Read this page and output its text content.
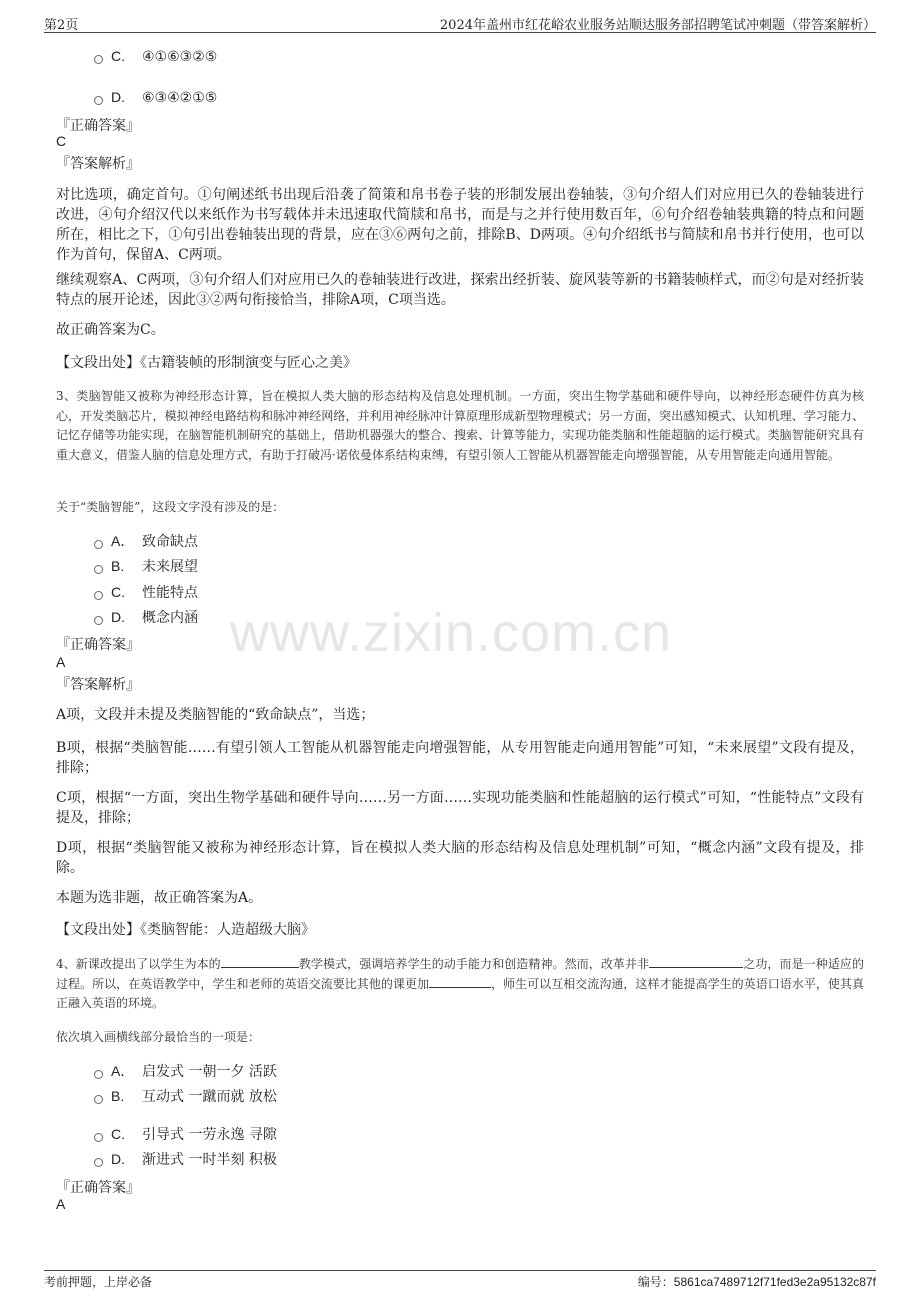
第2页	2024年盖州市红花峪农业服务站顺达服务部招聘笔试冲刺题（带答案解析）
www.zixin.com.cn
C. ④①⑥③②⑤
D. ⑥③④②①⑤
『正确答案』
C
『答案解析』
对比选项，确定首句。①句阐述纸书出现后沿袭了简策和帛书卷子装的形制发展出卷轴装，③句介绍人们对应用已久的卷轴装进行改进，④句介绍汉代以来纸作为书写载体并未迅速取代简牍和帛书，而是与之并行使用数百年，⑥句介绍卷轴装典籍的特点和问题所在，相比之下，①句引出卷轴装出现的背景，应在③⑥两句之前，排除B、D两项。④句介绍纸书与简牍和帛书并行使用，也可以作为首句，保留A、C两项。
继续观察A、C两项，③句介绍人们对应用已久的卷轴装进行改进，探索出经折装、旋风装等新的书籍装帧样式，而②句是对经折装特点的展开论述，因此③②两句衔接恰当，排除A项，C项当选。
故正确答案为C。
【文段出处】《古籍装帧的形制演变与匠心之美》
3、类脑智能又被称为神经形态计算，旨在模拟人类大脑的形态结构及信息处理机制。一方面，突出生物学基础和硬件导向，以神经形态硬件仿真为核心，开发类脑芯片，模拟神经电路结构和脉冲神经网络，并利用神经脉冲计算原理形成新型物理模式；另一方面，突出感知模式、认知机理、学习能力、记忆存储等功能实现，在脑智能机制研究的基础上，借助机器强大的整合、搜索、计算等能力，实现功能类脑和性能超脑的运行模式。类脑智能研究具有重大意义，借鉴人脑的信息处理方式，有助于打破冯·诺依曼体系结构束缚，有望引领人工智能从机器智能走向增强智能，从专用智能走向通用智能。
关于“类脑智能”，这段文字没有涉及的是：
A． 致命缺点
B. 未来展望
C. 性能特点
D. 概念内涵
『正确答案』
A
『答案解析』
A项，文段并未提及类脑智能的“致命缺点”，当选；
B项，根据“类脑智能……有望引领人工智能从机器智能走向增强智能，从专用智能走向通用智能”可知，“未来展望”文段有提及，排除；
C项，根据“一方面，突出生物学基础和硬件导向……另一方面……实现功能类脑和性能超脑的运行模式”可知，“性能特点”文段有提及，排除；
D项，根据“类脑智能又被称为神经形态计算，旨在模拟人类大脑的形态结构及信息处理机制”可知，“概念内涵”文段有提及，排除。
本题为选非题，故正确答案为A。
【文段出处】《类脑智能：人造超级大脑》
4、新课改提出了以学生为本的	教学模式，强调培养学生的动手能力和创造精神。然而，改革并非	之功，而是一种适应的过程。所以，在英语教学中，学生和老师的英语交流要比其他的课更加	，师生可以互相交流沟通，这样才能提高学生的英语口语水平，使其真正融入英语的环境。
依次填入画横线部分最恰当的一项是：
A． 启发式 一朝一夕 活跃
B. 互动式 一蹴而就 放松
C. 引导式 一劳永逸 寻隙
D. 渐进式 一时半刻 积极
『正确答案』
A
考前押题，上岸必备	编号：5861ca7489712f71fed3e2a95132c87f
